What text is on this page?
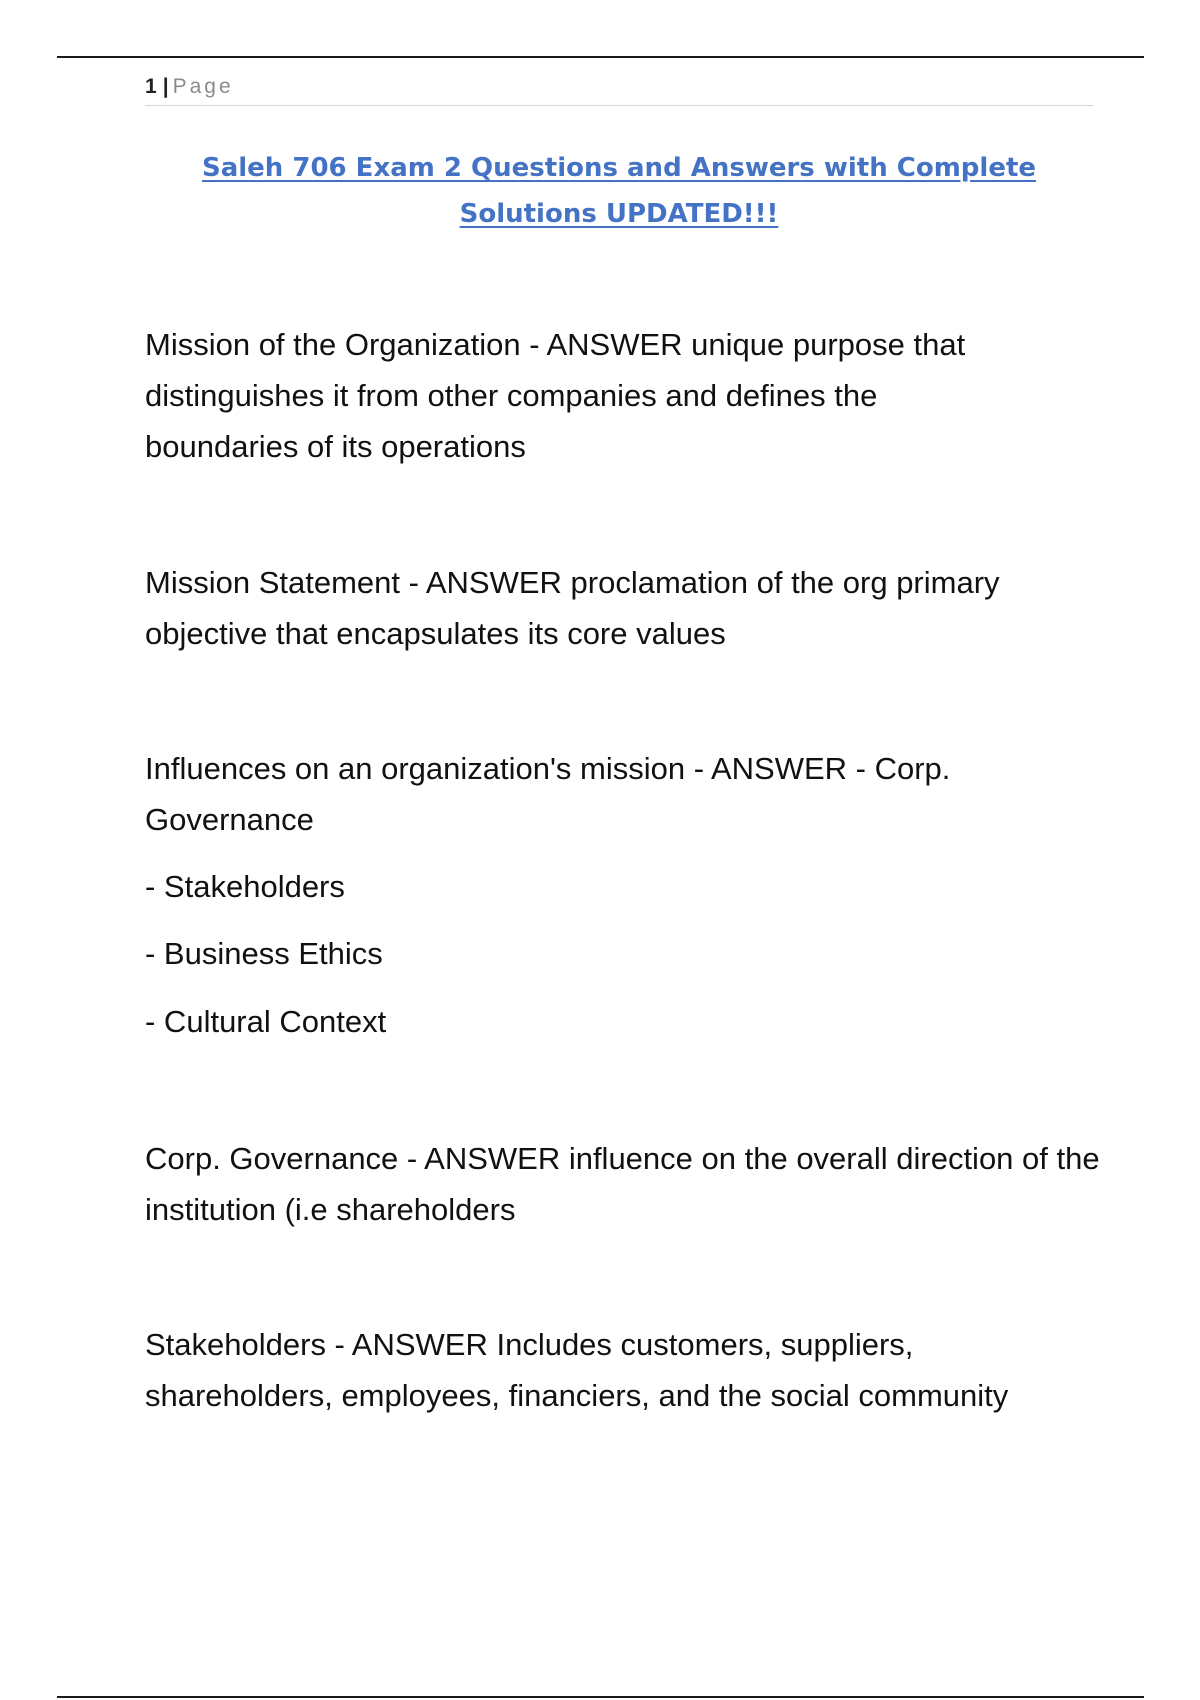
1 | Page
Saleh 706 Exam 2 Questions and Answers with Complete
Solutions UPDATED!!!

Mission of the Organization - ANSWER unique purpose that distinguishes it from other companies and defines the boundaries of its operations

Mission Statement - ANSWER proclamation of the org primary objective that encapsulates its core values

Influences on an organization's mission - ANSWER - Corp. Governance

- Stakeholders

- Business Ethics

- Cultural Context

Corp. Governance - ANSWER influence on the overall direction of the institution (i.e shareholders

Stakeholders - ANSWER Includes customers, suppliers, shareholders, employees, financiers, and the social community
